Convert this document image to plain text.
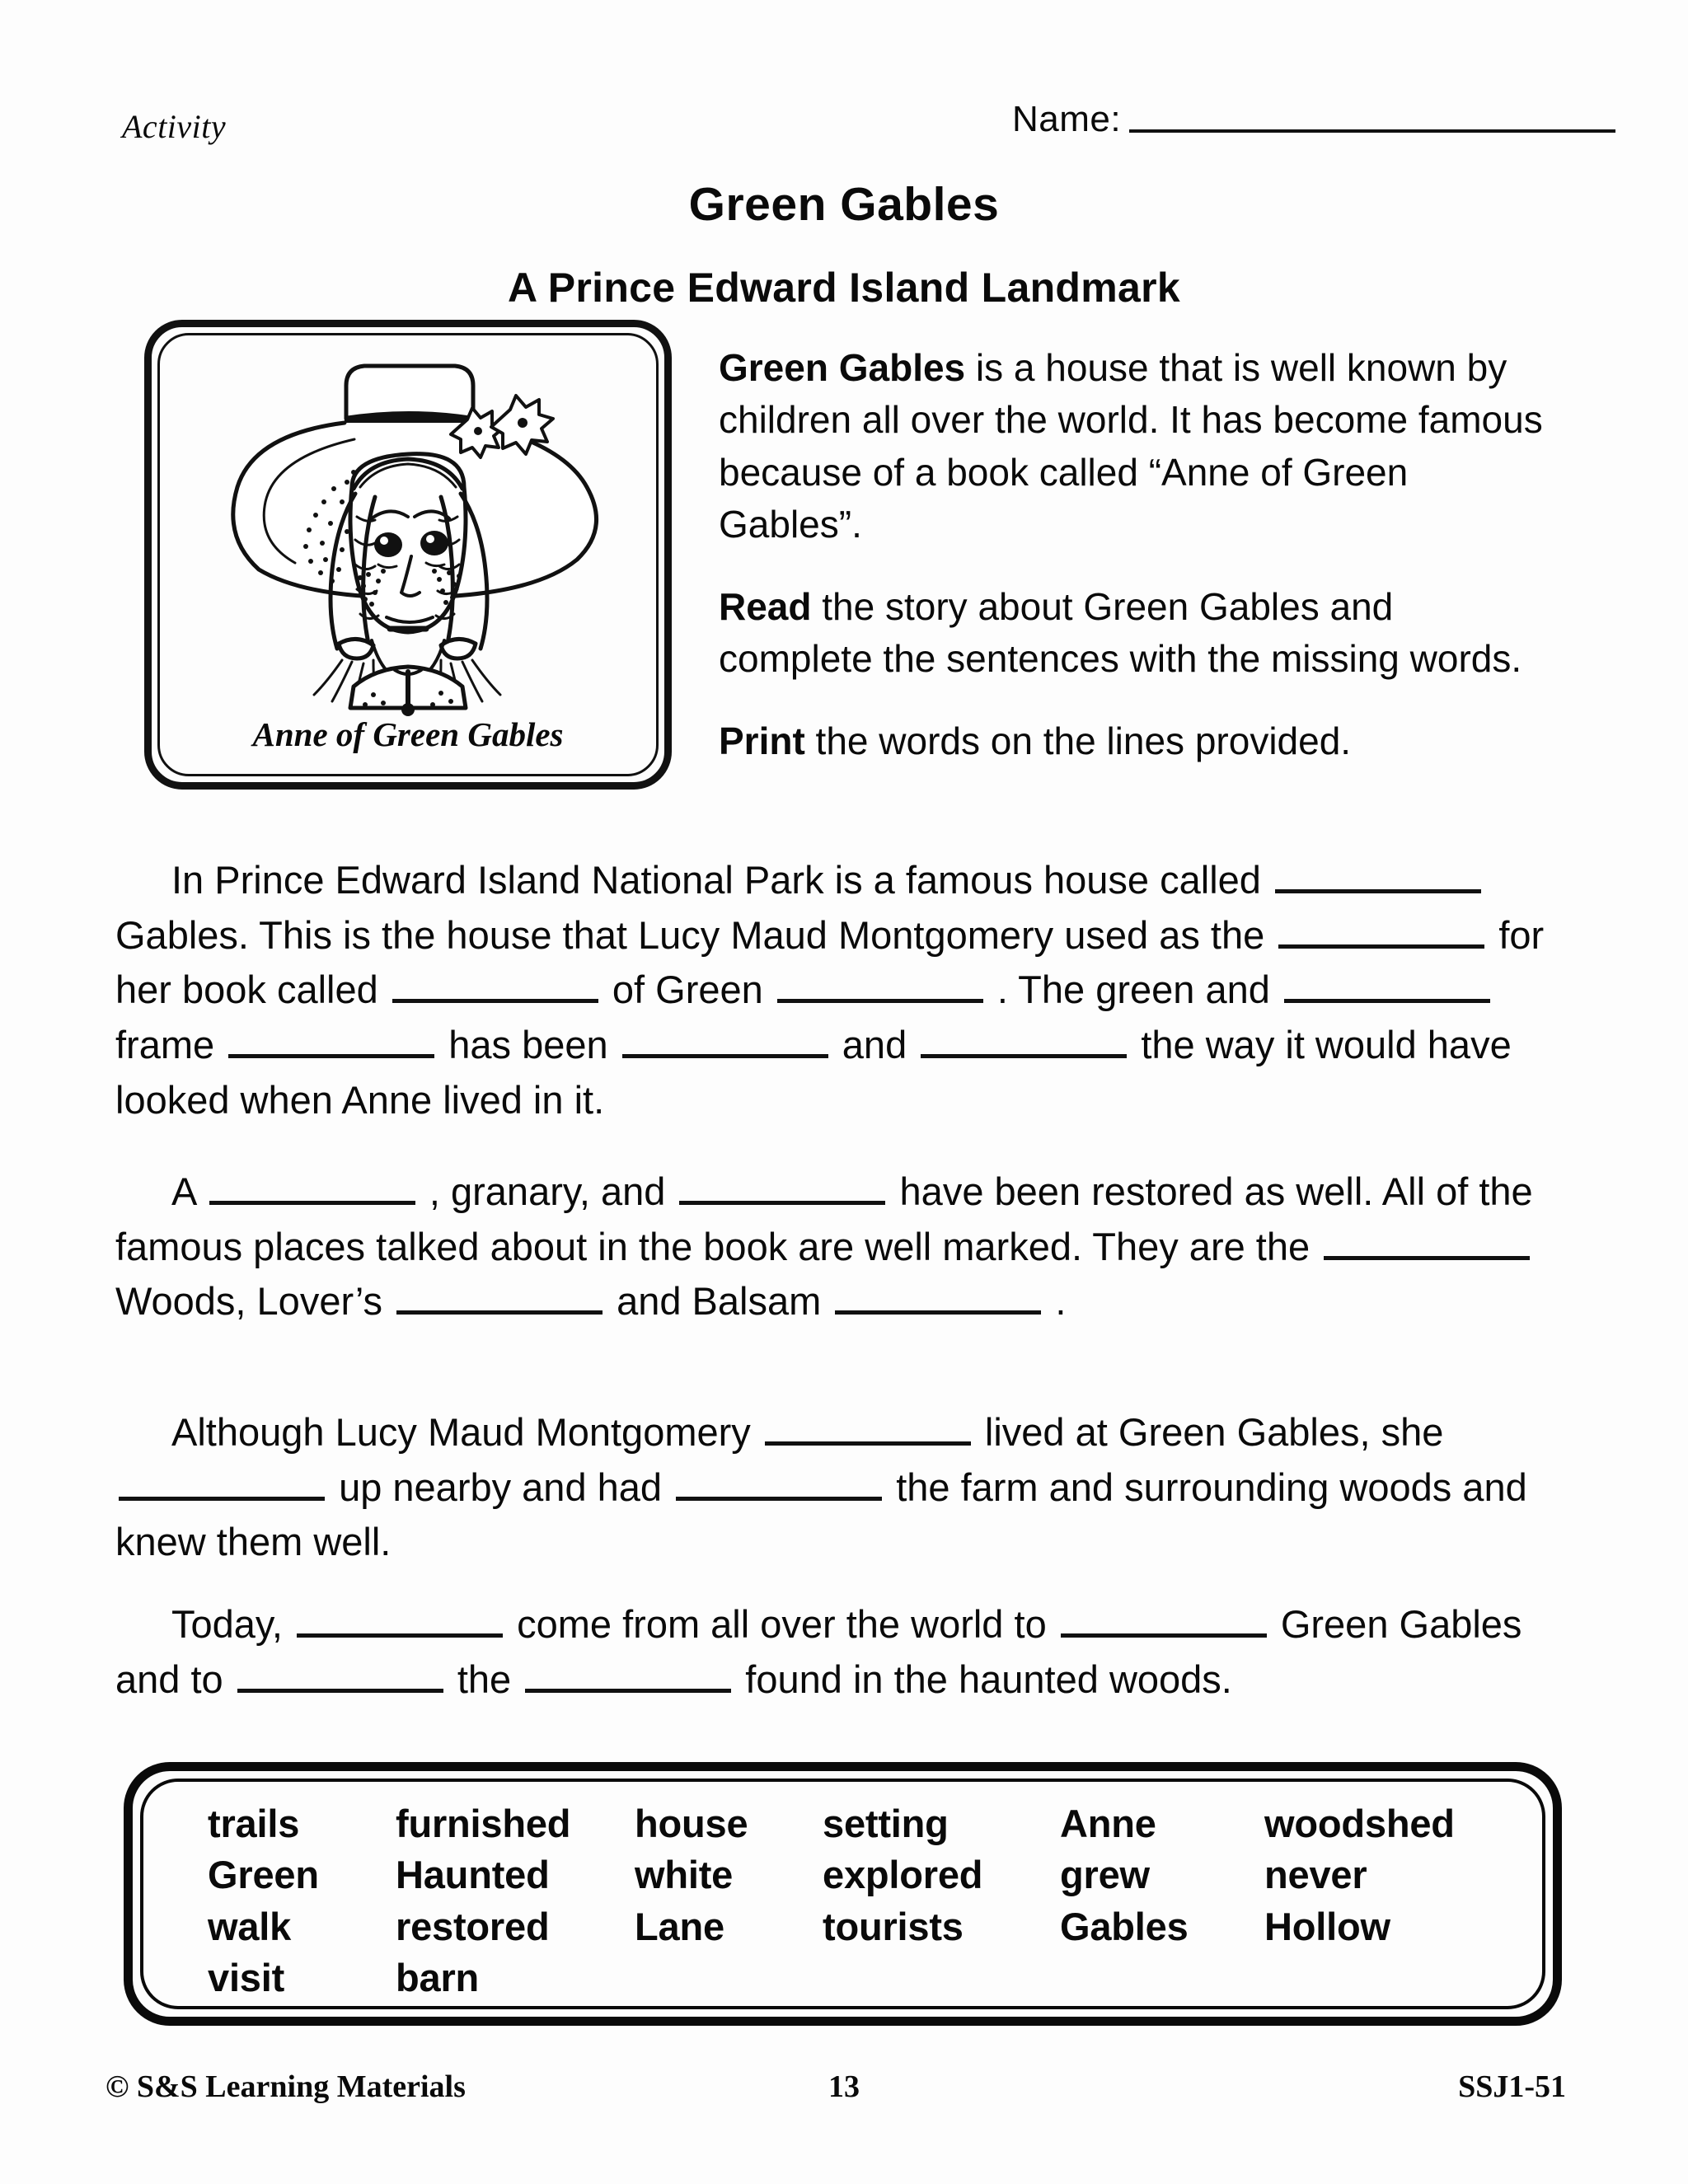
Activity	Name:
Green Gables
A Prince Edward Island Landmark
Anne of Green Gables

Green Gables is a house that is well known by children all over the world. It has become famous because of a book called “Anne of Green Gables”.

Read the story about Green Gables and complete the sentences with the missing words.

Print the words on the lines provided.

In Prince Edward Island National Park is a famous house called  Gables. This is the house that Lucy Maud Montgomery used as the	for her book called	of Green	. The green and  frame	has been	and	the way it would have looked when Anne lived in it.

A	, granary, and	have been restored as well. All of the famous places talked about in the book are well marked. They are the  Woods, Lover’s	and Balsam	.

Although Lucy Maud Montgomery	lived at Green Gables, she  up nearby and had	the farm and surrounding woods and knew them well.

Today,	come from all over the world to	Green Gables and to	the	found in the haunted woods.

trails	furnished	house	setting	Anne	woodshed
Green	Haunted	white	explored	grew	never
walk	restored	Lane	tourists	Gables	Hollow
visit	barn
© S&S Learning Materials	13	SSJ1-51
